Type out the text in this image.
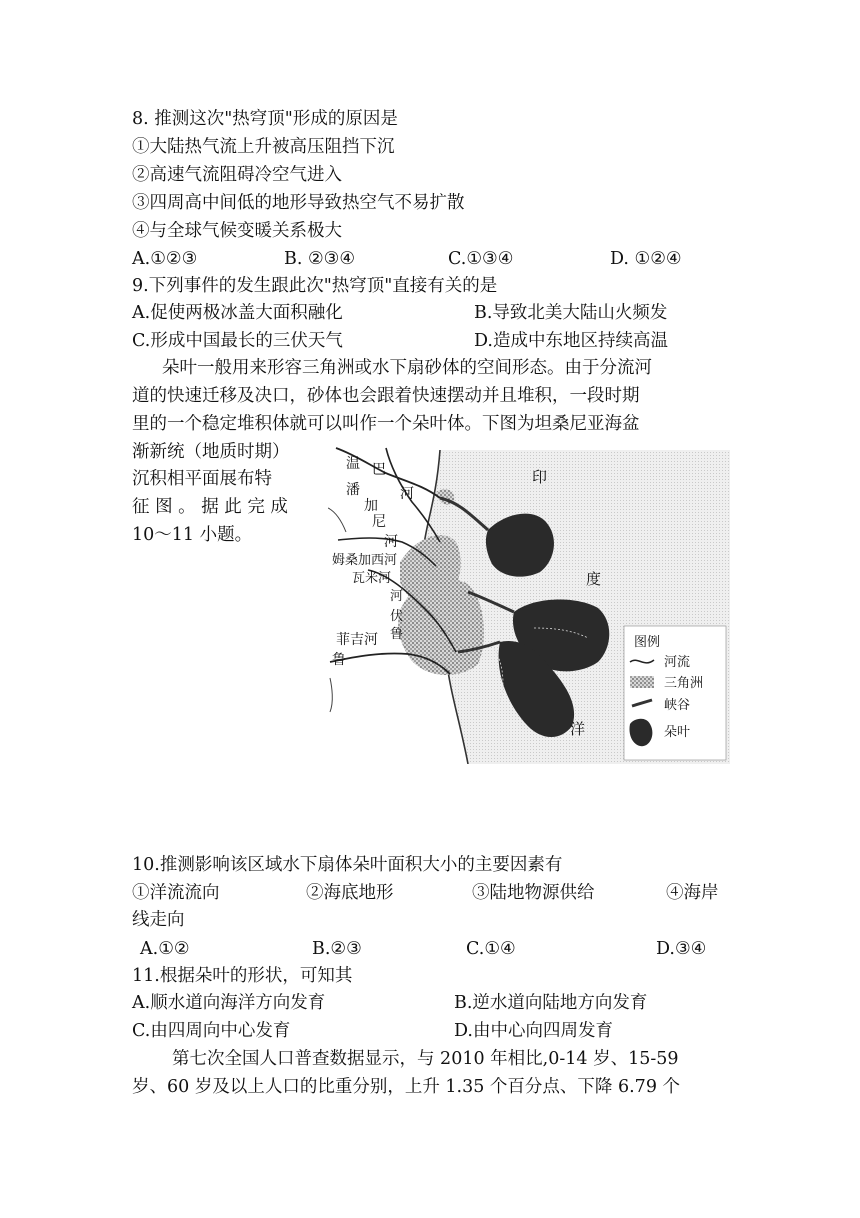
8. 推测这次"热穹顶"形成的原因是
①大陆热气流上升被高压阻挡下沉
②高速气流阻碍冷空气进入
③四周高中间低的地形导致热空气不易扩散
④与全球气候变暖关系极大
A.①②③	B. ②③④	C.①③④	D. ①②④
9.下列事件的发生跟此次"热穹顶"直接有关的是
A.促使两极冰盖大面积融化	B.导致北美大陆山火频发
C.形成中国最长的三伏天气	D.造成中东地区持续高温
朵叶一般用来形容三角洲或水下扇砂体的空间形态。由于分流河
道的快速迁移及决口，砂体也会跟着快速摆动并且堆积，一段时期
里的一个稳定堆积体就可以叫作一个朵叶体。下图为坦桑尼亚海盆
渐新统（地质时期）
沉积相平面展布特
征 图 。 据 此 完 成
10～11 小题。
温 巴
河
潘
加
尼
河
姆桑加西河
瓦米河
河
伏
鲁
菲吉河
鲁
印
度
洋
图例
河流
三角洲
峡谷
朵叶
10.推测影响该区域水下扇体朵叶面积大小的主要因素有
①洋流流向	②海底地形	③陆地物源供给	④海岸
线走向
A.①②	B.②③	C.①④	D.③④
11.根据朵叶的形状，可知其
A.顺水道向海洋方向发育	B.逆水道向陆地方向发育
C.由四周向中心发育	D.由中心向四周发育
第七次全国人口普查数据显示，与 2010 年相比,0-14 岁、15-59
岁、60 岁及以上人口的比重分别，上升 1.35 个百分点、下降 6.79 个
